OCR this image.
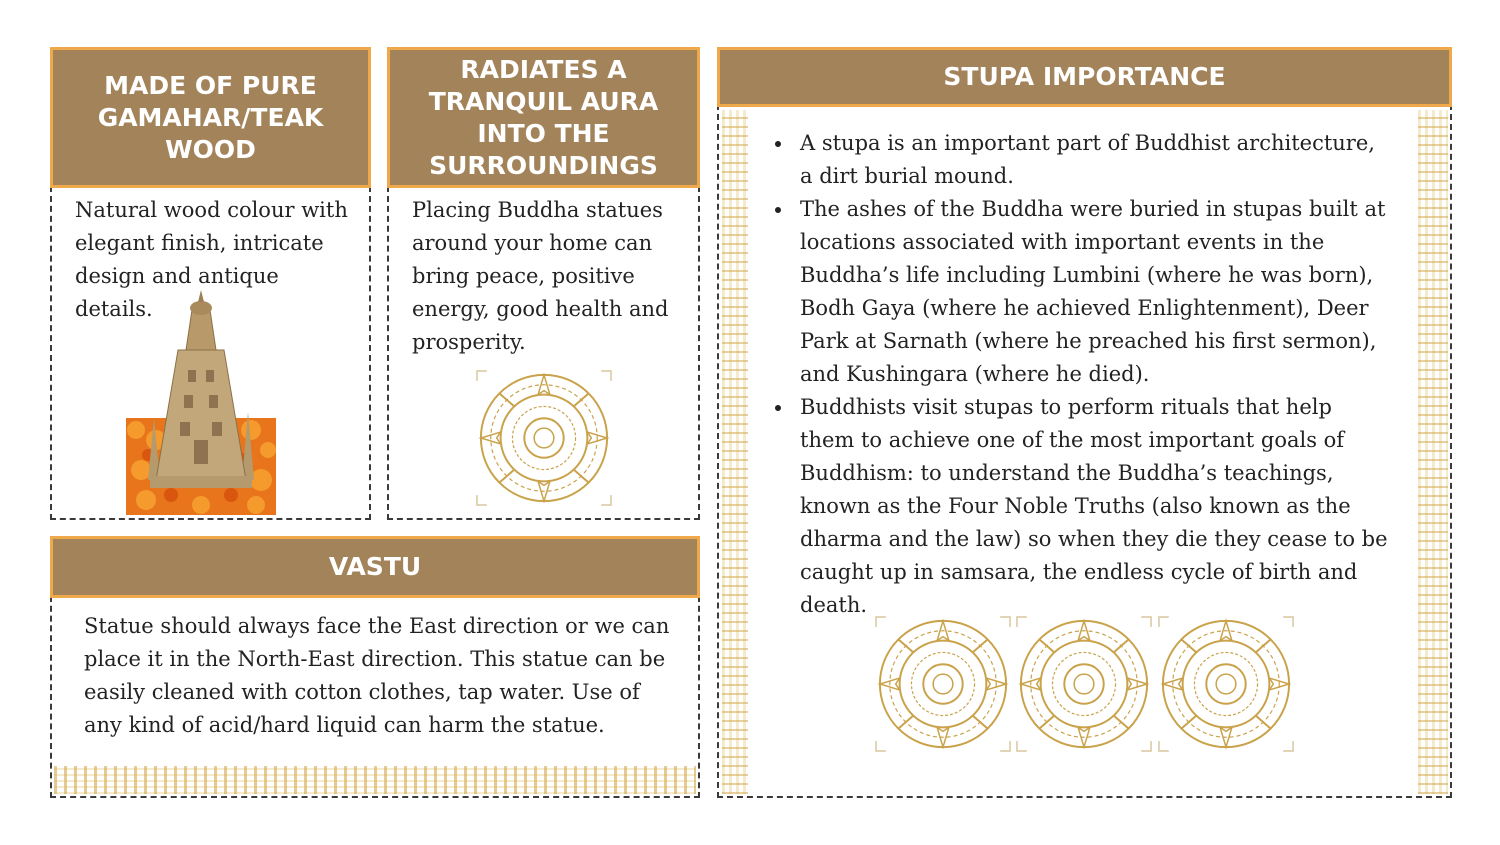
MADE OF PURE GAMAHAR/TEAK WOOD
Natural wood colour with elegant finish, intricate design and antique details.
RADIATES A TRANQUIL AURA INTO THE SURROUNDINGS
Placing Buddha statues around your home can bring peace, positive energy, good health and prosperity.
VASTU
Statue should always face the East direction or we can place it in the North-East direction. This statue can be easily cleaned with cotton clothes, tap water. Use of any kind of acid/hard liquid can harm the statue.
STUPA IMPORTANCE
• A stupa is an important part of Buddhist architecture, a dirt burial mound.
• The ashes of the Buddha were buried in stupas built at locations associated with important events in the Buddha’s life including Lumbini (where he was born), Bodh Gaya (where he achieved Enlightenment), Deer Park at Sarnath (where he preached his first sermon), and Kushingara (where he died).
• Buddhists visit stupas to perform rituals that help them to achieve one of the most important goals of Buddhism: to understand the Buddha’s teachings, known as the Four Noble Truths (also known as the dharma and the law) so when they die they cease to be caught up in samsara, the endless cycle of birth and death.
